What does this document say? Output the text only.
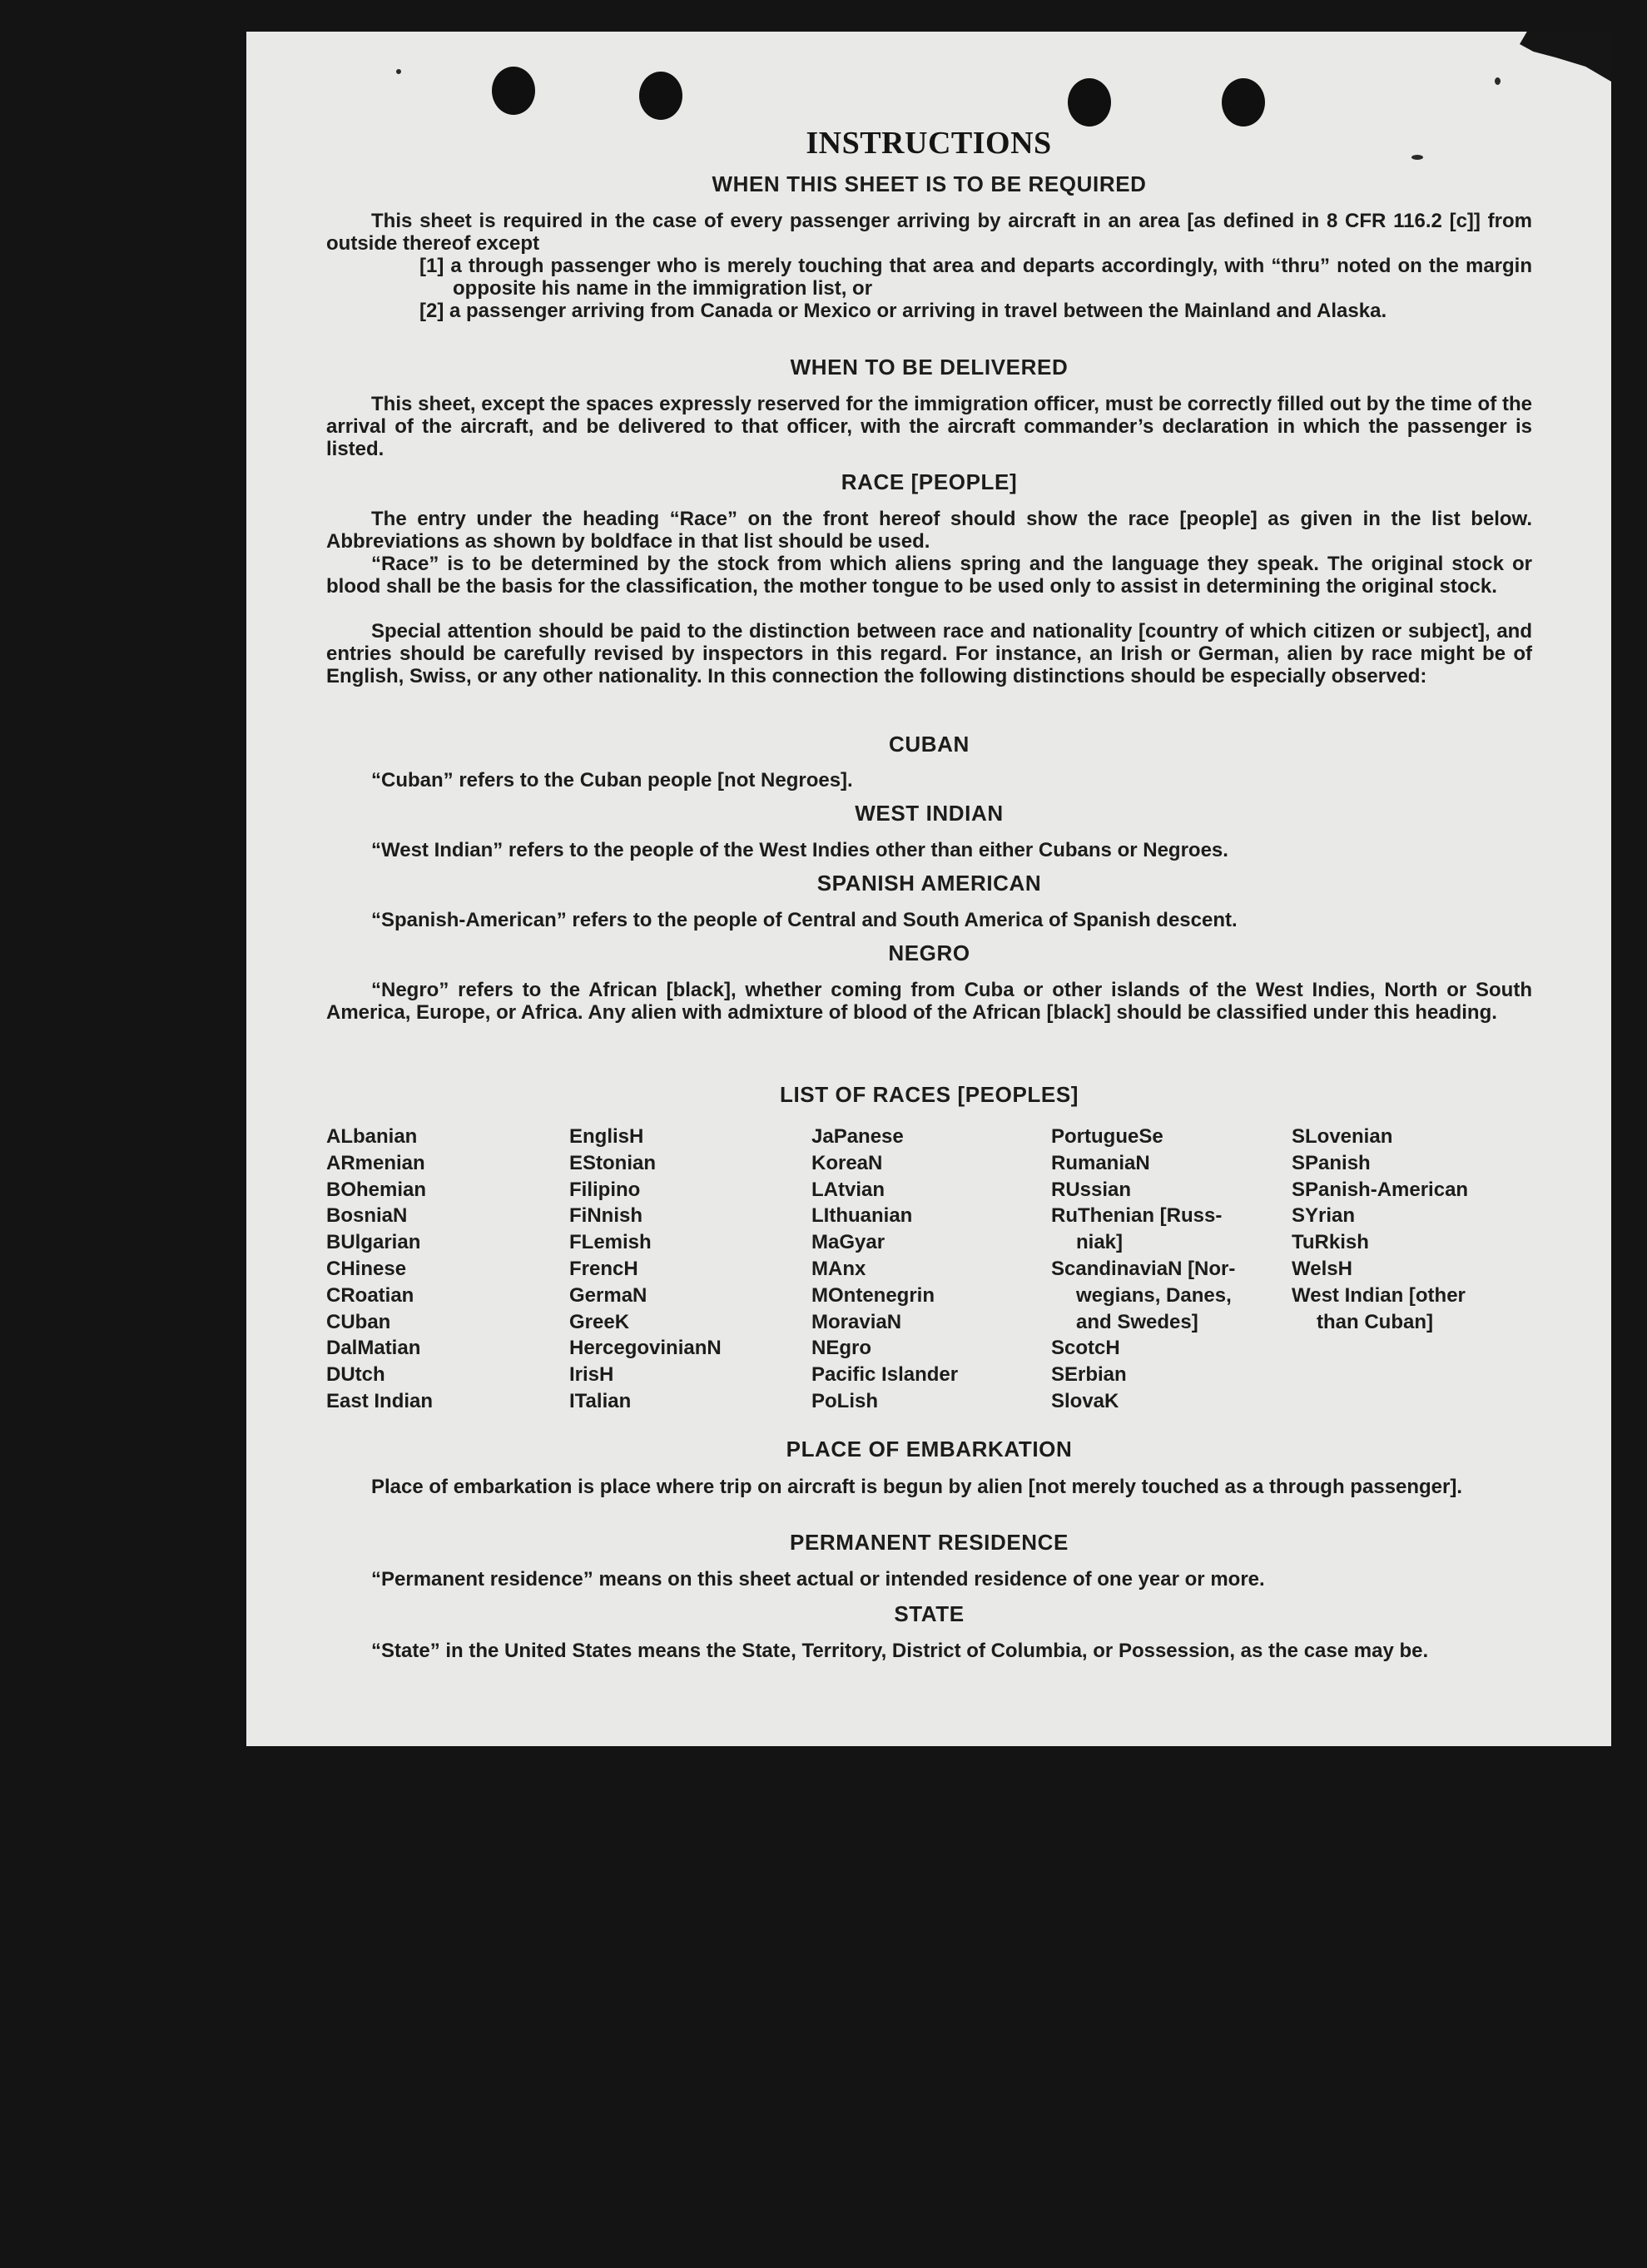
INSTRUCTIONS
WHEN THIS SHEET IS TO BE REQUIRED
This sheet is required in the case of every passenger arriving by aircraft in an area [as defined in 8 CFR 116.2 [c]] from outside thereof except
[1] a through passenger who is merely touching that area and departs accordingly, with “thru” noted on the margin opposite his name in the immigration list, or
[2] a passenger arriving from Canada or Mexico or arriving in travel between the Mainland and Alaska.
WHEN TO BE DELIVERED
This sheet, except the spaces expressly reserved for the immigration officer, must be correctly filled out by the time of the arrival of the aircraft, and be delivered to that officer, with the aircraft commander’s declaration in which the passenger is listed.
RACE [PEOPLE]
The entry under the heading “Race” on the front hereof should show the race [people] as given in the list below. Abbreviations as shown by boldface in that list should be used.
“Race” is to be determined by the stock from which aliens spring and the language they speak. The original stock or blood shall be the basis for the classification, the mother tongue to be used only to assist in determining the original stock.
Special attention should be paid to the distinction between race and nationality [country of which citizen or subject], and entries should be carefully revised by inspectors in this regard. For instance, an Irish or German, alien by race might be of English, Swiss, or any other nationality. In this connection the following distinctions should be especially observed:
CUBAN
“Cuban” refers to the Cuban people [not Negroes].
WEST INDIAN
“West Indian” refers to the people of the West Indies other than either Cubans or Negroes.
SPANISH AMERICAN
“Spanish-American” refers to the people of Central and South America of Spanish descent.
NEGRO
“Negro” refers to the African [black], whether coming from Cuba or other islands of the West Indies, North or South America, Europe, or Africa. Any alien with admixture of blood of the African [black] should be classified under this heading.
LIST OF RACES [PEOPLES]
ALbanian
ARmenian
BOhemian
BosniaN
BUlgarian
CHinese
CRoatian
CUban
DalMatian
DUtch
East Indian
EnglisH
EStonian
Filipino
FiNnish
FLemish
FrencH
GermaN
GreeK
HercegovinianN
IrisH
ITalian
JaPanese
KoreaN
LAtvian
LIthuanian
MaGyar
MAnx
MOntenegrin
MoraviaN
NEgro
Pacific Islander
PoLish
PortugueSe
RumaniaN
RUssian
RuThenian [Russ-
niak]
ScandinaviaN [Nor-
wegians, Danes,
and Swedes]
ScotcH
SErbian
SlovaK
SLovenian
SPanish
SPanish-American
SYrian
TuRkish
WelsH
West Indian [other
than Cuban]
PLACE OF EMBARKATION
Place of embarkation is place where trip on aircraft is begun by alien [not merely touched as a through passenger].
PERMANENT RESIDENCE
“Permanent residence” means on this sheet actual or intended residence of one year or more.
STATE
“State” in the United States means the State, Territory, District of Columbia, or Possession, as the case may be.
